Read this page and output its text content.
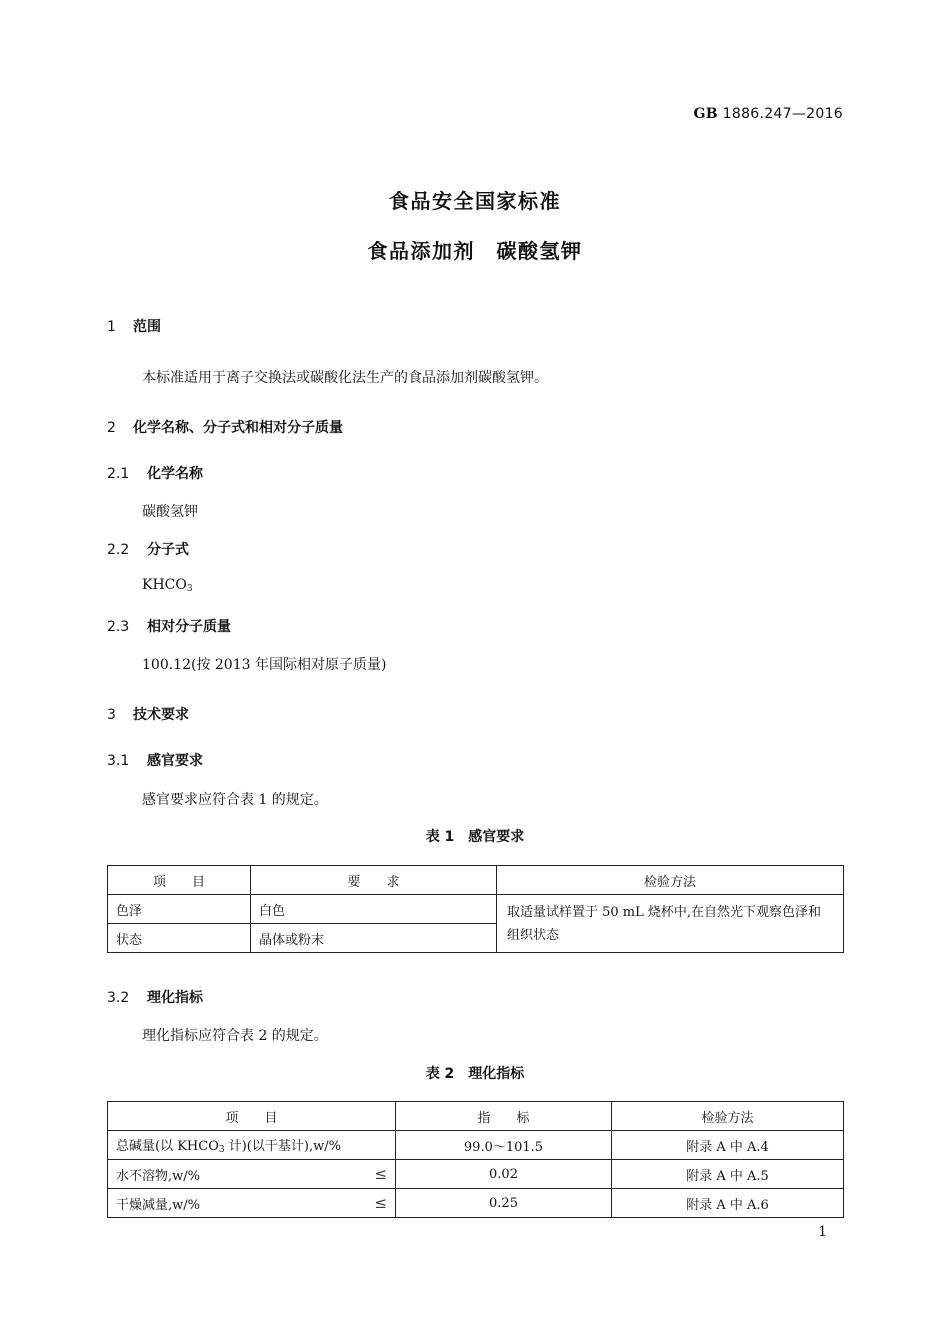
GB 1886.247—2016
食品安全国家标准
食品添加剂　碳酸氢钾
1 范围
本标准适用于离子交换法或碳酸化法生产的食品添加剂碳酸氢钾。
2 化学名称、分子式和相对分子质量
2.1 化学名称
碳酸氢钾
2.2 分子式
$KHCO_3$
2.3 相对分子质量
100.12(按 2013 年国际相对原子质量)
3 技术要求
3.1 感官要求
感官要求应符合表 1 的规定。
表 1　感官要求
项　　目	要　　求	检验方法
色泽	白色	取适量试样置于 50 mL 烧杯中,在自然光下观察色泽和组织状态
状态	晶体或粉末	
3.2 理化指标
理化指标应符合表 2 的规定。
表 2　理化指标
项　　目	指　　标	检验方法
总碱量(以 $KHCO_3$ 计)(以干基计),w/%	99.0～101.5	附录 A 中 A.4
水不溶物,w/% ≤	0.02	附录 A 中 A.5
干燥减量,w/% ≤	0.25	附录 A 中 A.6
1
